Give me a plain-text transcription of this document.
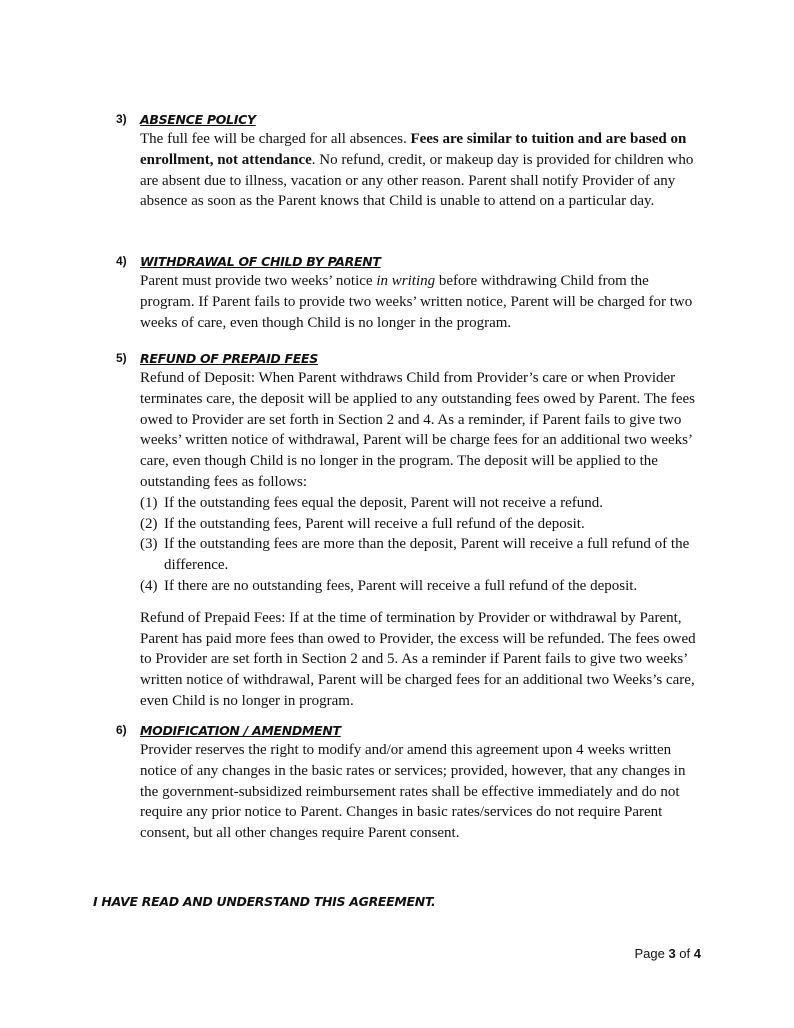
3) ABSENCE POLICY

The full fee will be charged for all absences. Fees are similar to tuition and are based on enrollment, not attendance. No refund, credit, or makeup day is provided for children who are absent due to illness, vacation or any other reason. Parent shall notify Provider of any absence as soon as the Parent knows that Child is unable to attend on a particular day.

4) WITHDRAWAL OF CHILD BY PARENT

Parent must provide two weeks’ notice in writing before withdrawing Child from the program. If Parent fails to provide two weeks’ written notice, Parent will be charged for two weeks of care, even though Child is no longer in the program.

5) REFUND OF PREPAID FEES

Refund of Deposit: When Parent withdraws Child from Provider’s care or when Provider terminates care, the deposit will be applied to any outstanding fees owed by Parent. The fees owed to Provider are set forth in Section 2 and 4. As a reminder, if Parent fails to give two weeks’ written notice of withdrawal, Parent will be charge fees for an additional two weeks’ care, even though Child is no longer in the program. The deposit will be applied to the outstanding fees as follows:

(1) If the outstanding fees equal the deposit, Parent will not receive a refund.
(2) If the outstanding fees, Parent will receive a full refund of the deposit.
(3) If the outstanding fees are more than the deposit, Parent will receive a full refund of the difference.
(4) If there are no outstanding fees, Parent will receive a full refund of the deposit.

Refund of Prepaid Fees: If at the time of termination by Provider or withdrawal by Parent, Parent has paid more fees than owed to Provider, the excess will be refunded. The fees owed to Provider are set forth in Section 2 and 5. As a reminder if Parent fails to give two weeks’ written notice of withdrawal, Parent will be charged fees for an additional two Weeks’s care, even Child is no longer in program.

6) MODIFICATION / AMENDMENT

Provider reserves the right to modify and/or amend this agreement upon 4 weeks written notice of any changes in the basic rates or services; provided, however, that any changes in the government-subsidized reimbursement rates shall be effective immediately and do not require any prior notice to Parent. Changes in basic rates/services do not require Parent consent, but all other changes require Parent consent.

I HAVE READ AND UNDERSTAND THIS AGREEMENT.
Page 3 of 4
